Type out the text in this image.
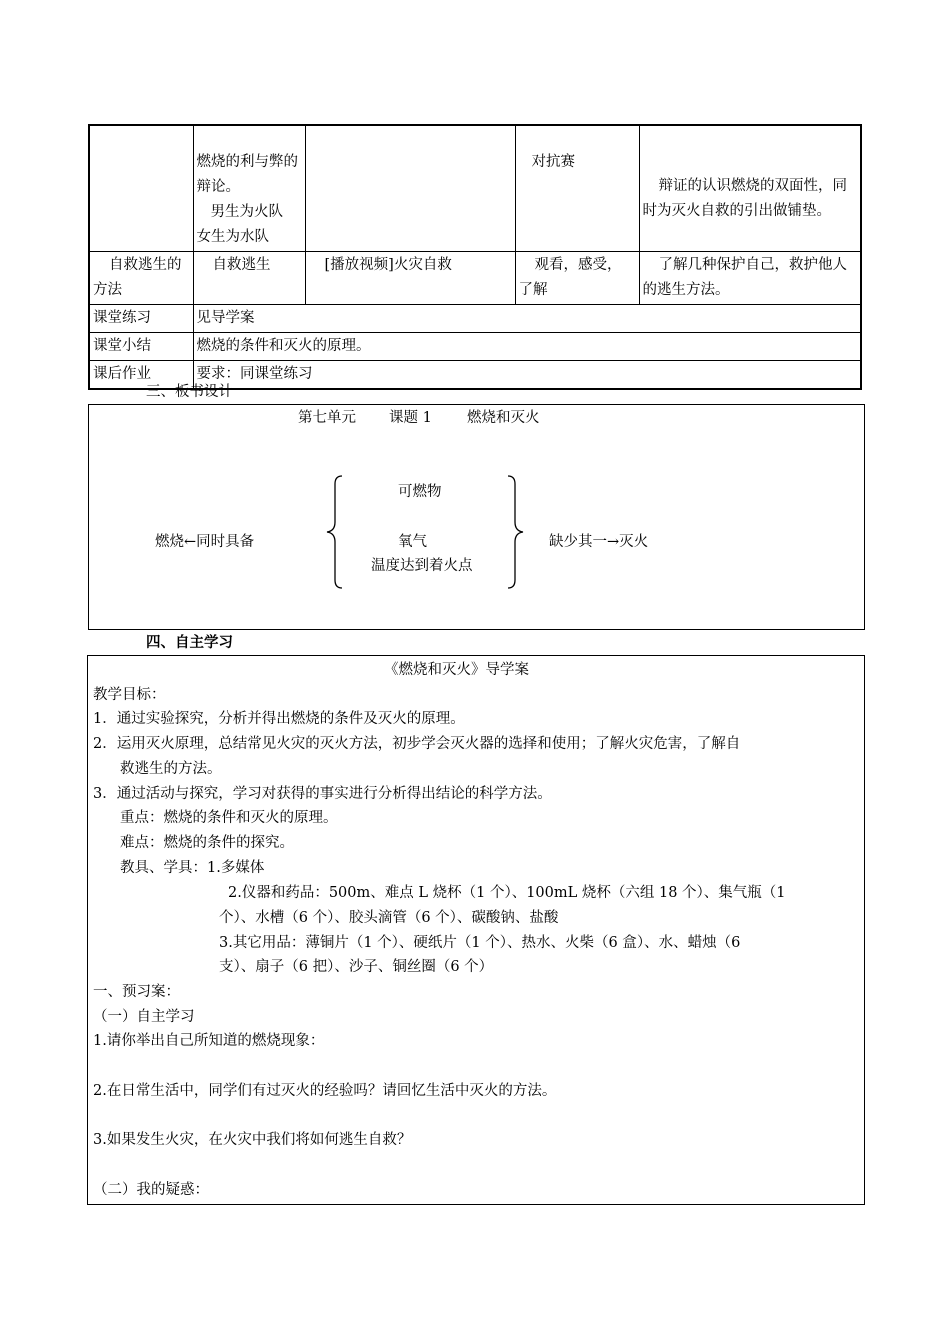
	燃烧的利与弊的辩论。
男生为火队
女生为水队		对抗赛	辩证的认识燃烧的双面性，同时为灭火自救的引出做铺垫。

自救逃生的方法	自救逃生	[播放视频]火灾自救	观看，感受，了解	了解几种保护自己，救护他人的逃生方法。

课堂练习	见导学案			
课堂小结	燃烧的条件和灭火的原理。			
课后作业	要求：同课堂练习			
三、板书设计
第七单元 课题 1 燃烧和灭火
燃烧←同时具备
可燃物
氧气
温度达到着火点
缺少其一→灭火
四、自主学习
《燃烧和灭火》导学案
教学目标：
1．通过实验探究，分析并得出燃烧的条件及灭火的原理。
2．运用灭火原理，总结常见火灾的灭火方法，初步学会灭火器的选择和使用；了解火灾危害，了解自
救逃生的方法。
3．通过活动与探究，学习对获得的事实进行分析得出结论的科学方法。
重点：燃烧的条件和灭火的原理。
难点：燃烧的条件的探究。
教具、学具：1.多媒体
2.仪器和药品：500m、难点 L 烧杯（1 个）、100mL 烧杯（六组 18 个）、集气瓶（1
个）、水槽（6 个）、胶头滴管（6 个）、碳酸钠、盐酸
3.其它用品：薄铜片（1 个）、硬纸片（1 个）、热水、火柴（6 盒）、水、蜡烛（6
支）、扇子（6 把）、沙子、铜丝圈（6 个）
一、预习案：
（一）自主学习
1.请你举出自己所知道的燃烧现象：
2.在日常生活中，同学们有过灭火的经验吗？请回忆生活中灭火的方法。
3.如果发生火灾，在火灾中我们将如何逃生自救？
（二）我的疑惑：
